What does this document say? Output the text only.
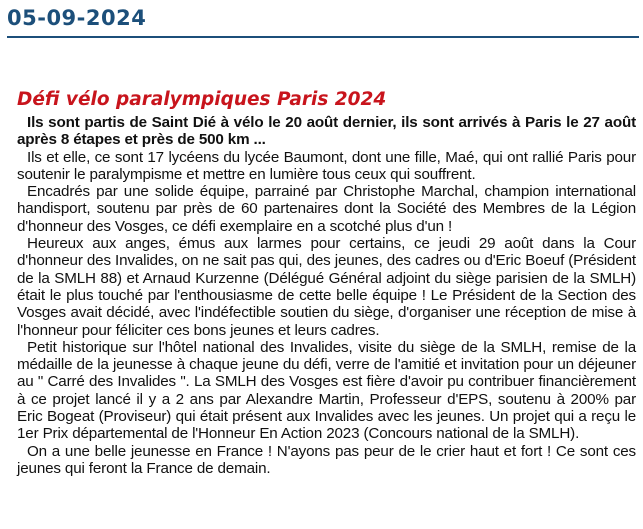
05-09-2024
Défi vélo paralympiques Paris 2024

Ils sont partis de Saint Dié à vélo le 20 août dernier, ils sont arrivés à Paris le 27 août après 8 étapes et près de 500 km ...

Ils et elle, ce sont 17 lycéens du lycée Baumont, dont une fille, Maé, qui ont rallié Paris pour soutenir le paralympisme et mettre en lumière tous ceux qui souffrent.

Encadrés par une solide équipe, parrainé par Christophe Marchal, champion international handisport, soutenu par près de 60 partenaires dont la Société des Membres de la Légion d'honneur des Vosges, ce défi exemplaire en a scotché plus d'un !

Heureux aux anges, émus aux larmes pour certains, ce jeudi 29 août dans la Cour d'honneur des Invalides, on ne sait pas qui, des jeunes, des cadres ou d'Eric Boeuf (Président de la SMLH 88) et Arnaud Kurzenne (Délégué Général adjoint du siège parisien de la SMLH) était le plus touché par l'enthousiasme de cette belle équipe ! Le Président de la Section des Vosges avait décidé, avec l'indéfectible soutien du siège, d'organiser une réception de mise à l'honneur pour féliciter ces bons jeunes et leurs cadres.

Petit historique sur l'hôtel national des Invalides, visite du siège de la SMLH, remise de la médaille de la jeunesse à chaque jeune du défi, verre de l'amitié et invitation pour un déjeuner au " Carré des Invalides ". La SMLH des Vosges est fière d'avoir pu contribuer financièrement à ce projet lancé il y a 2 ans par Alexandre Martin, Professeur d'EPS, soutenu à 200% par Eric Bogeat (Proviseur) qui était présent aux Invalides avec les jeunes. Un projet qui a reçu le 1er Prix départemental de l'Honneur En Action 2023 (Concours national de la SMLH).

On a une belle jeunesse en France ! N'ayons pas peur de le crier haut et fort ! Ce sont ces jeunes qui feront la France de demain.
